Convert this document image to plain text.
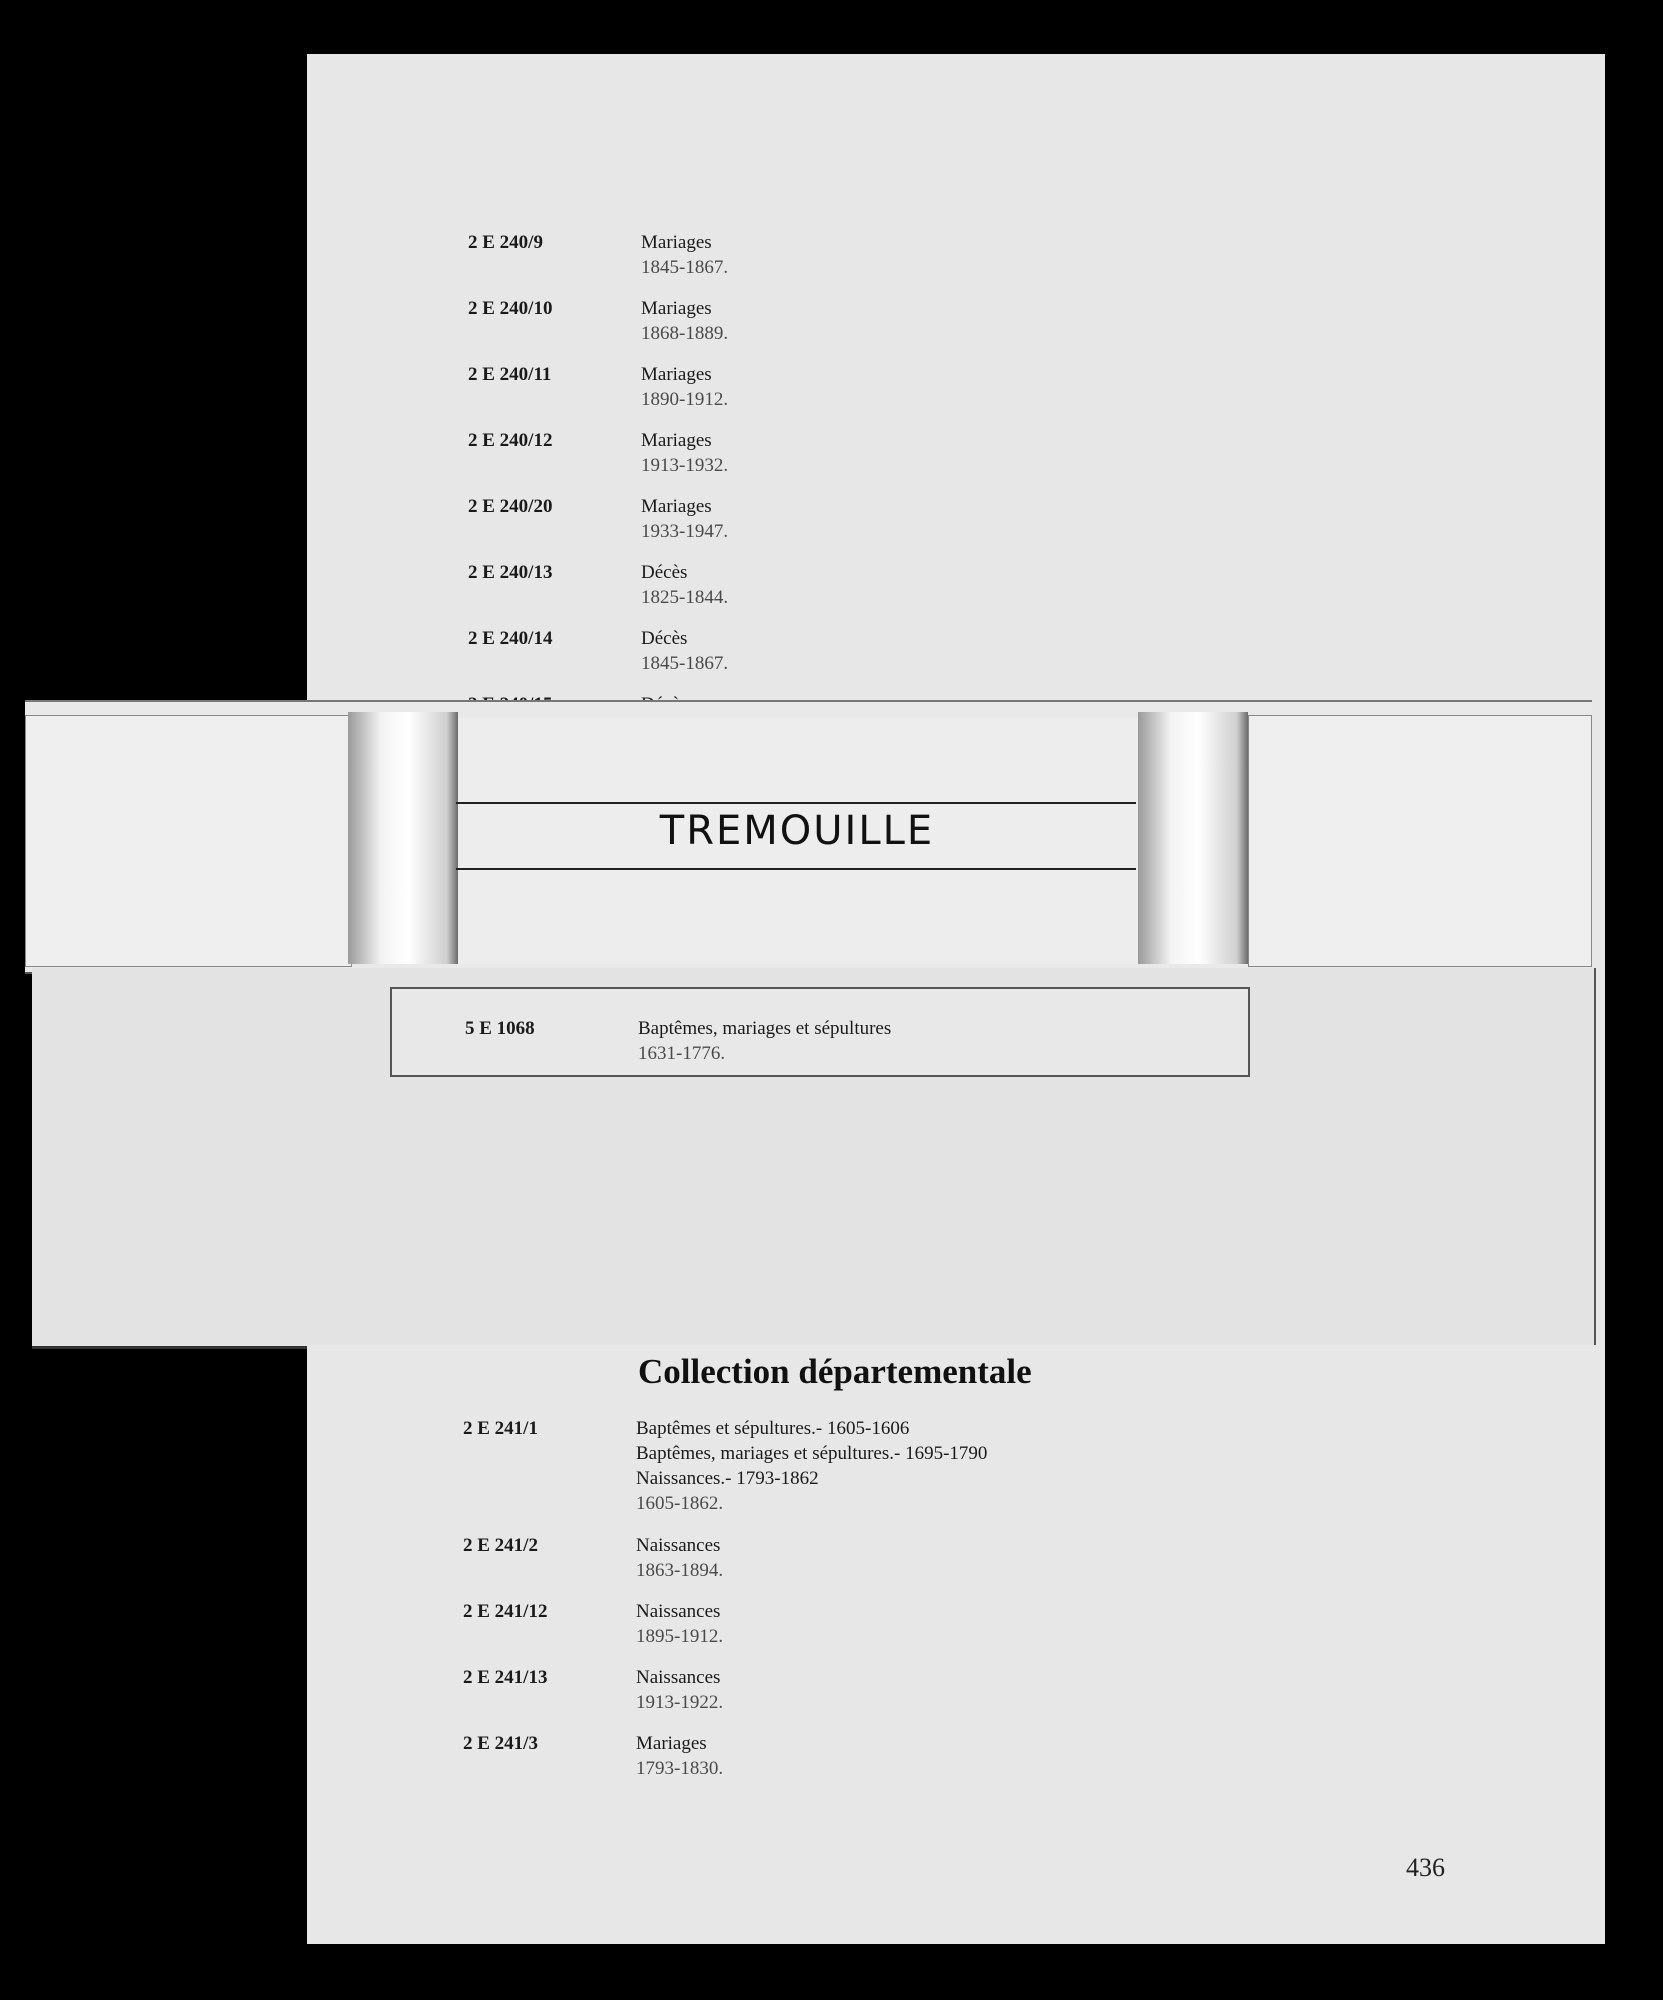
2 E 240/9	Mariages
1845-1867.
2 E 240/10	Mariages
1868-1889.
2 E 240/11	Mariages
1890-1912.
2 E 240/12	Mariages
1913-1932.
2 E 240/20	Mariages
1933-1947.
2 E 240/13	Décès
1825-1844.
2 E 240/14	Décès
1845-1867.
TREMOUILLE
5 E 1068	Baptêmes, mariages et sépultures
1631-1776.
Collection départementale
2 E 241/1	Baptêmes et sépultures.- 1605-1606
Baptêmes, mariages et sépultures.- 1695-1790
Naissances.- 1793-1862
1605-1862.
2 E 241/2	Naissances
1863-1894.
2 E 241/12	Naissances
1895-1912.
2 E 241/13	Naissances
1913-1922.
2 E 241/3	Mariages
1793-1830.
436
